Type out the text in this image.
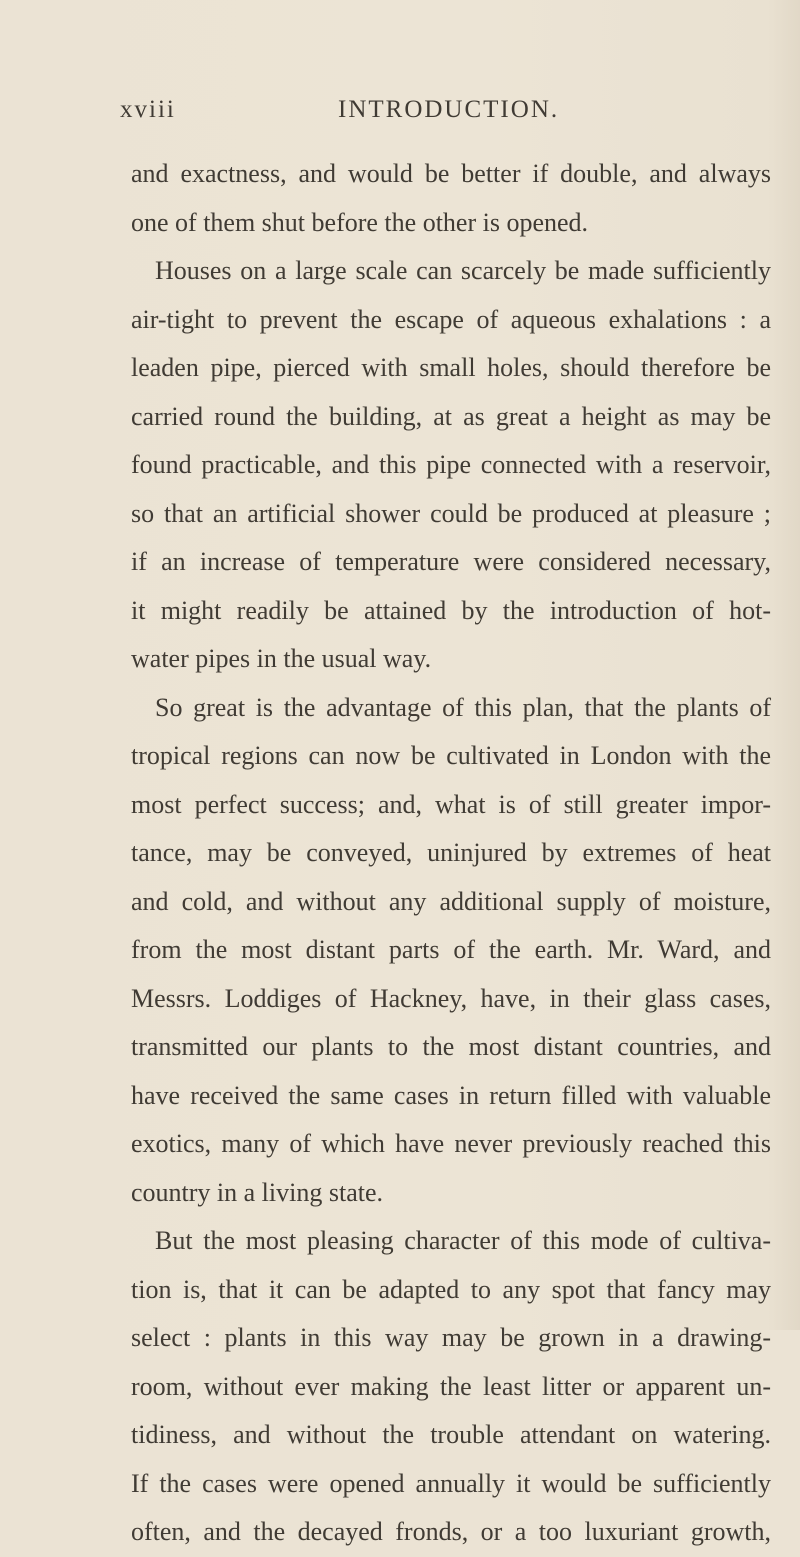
xviii	INTRODUCTION.
and exactness, and would be better if double, and always
one of them shut before the other is opened.
Houses on a large scale can scarcely be made sufficiently
air-tight to prevent the escape of aqueous exhalations : a
leaden pipe, pierced with small holes, should therefore be
carried round the building, at as great a height as may be
found practicable, and this pipe connected with a reservoir,
so that an artificial shower could be produced at pleasure ;
if an increase of temperature were considered necessary,
it might readily be attained by the introduction of hot-
water pipes in the usual way.
So great is the advantage of this plan, that the plants of
tropical regions can now be cultivated in London with the
most perfect success; and, what is of still greater impor-
tance, may be conveyed, uninjured by extremes of heat
and cold, and without any additional supply of moisture,
from the most distant parts of the earth. Mr. Ward, and
Messrs. Loddiges of Hackney, have, in their glass cases,
transmitted our plants to the most distant countries, and
have received the same cases in return filled with valuable
exotics, many of which have never previously reached this
country in a living state.
But the most pleasing character of this mode of cultiva-
tion is, that it can be adapted to any spot that fancy may
select : plants in this way may be grown in a drawing-
room, without ever making the least litter or apparent un-
tidiness, and without the trouble attendant on watering.
If the cases were opened annually it would be sufficiently
often, and the decayed fronds, or a too luxuriant growth,
